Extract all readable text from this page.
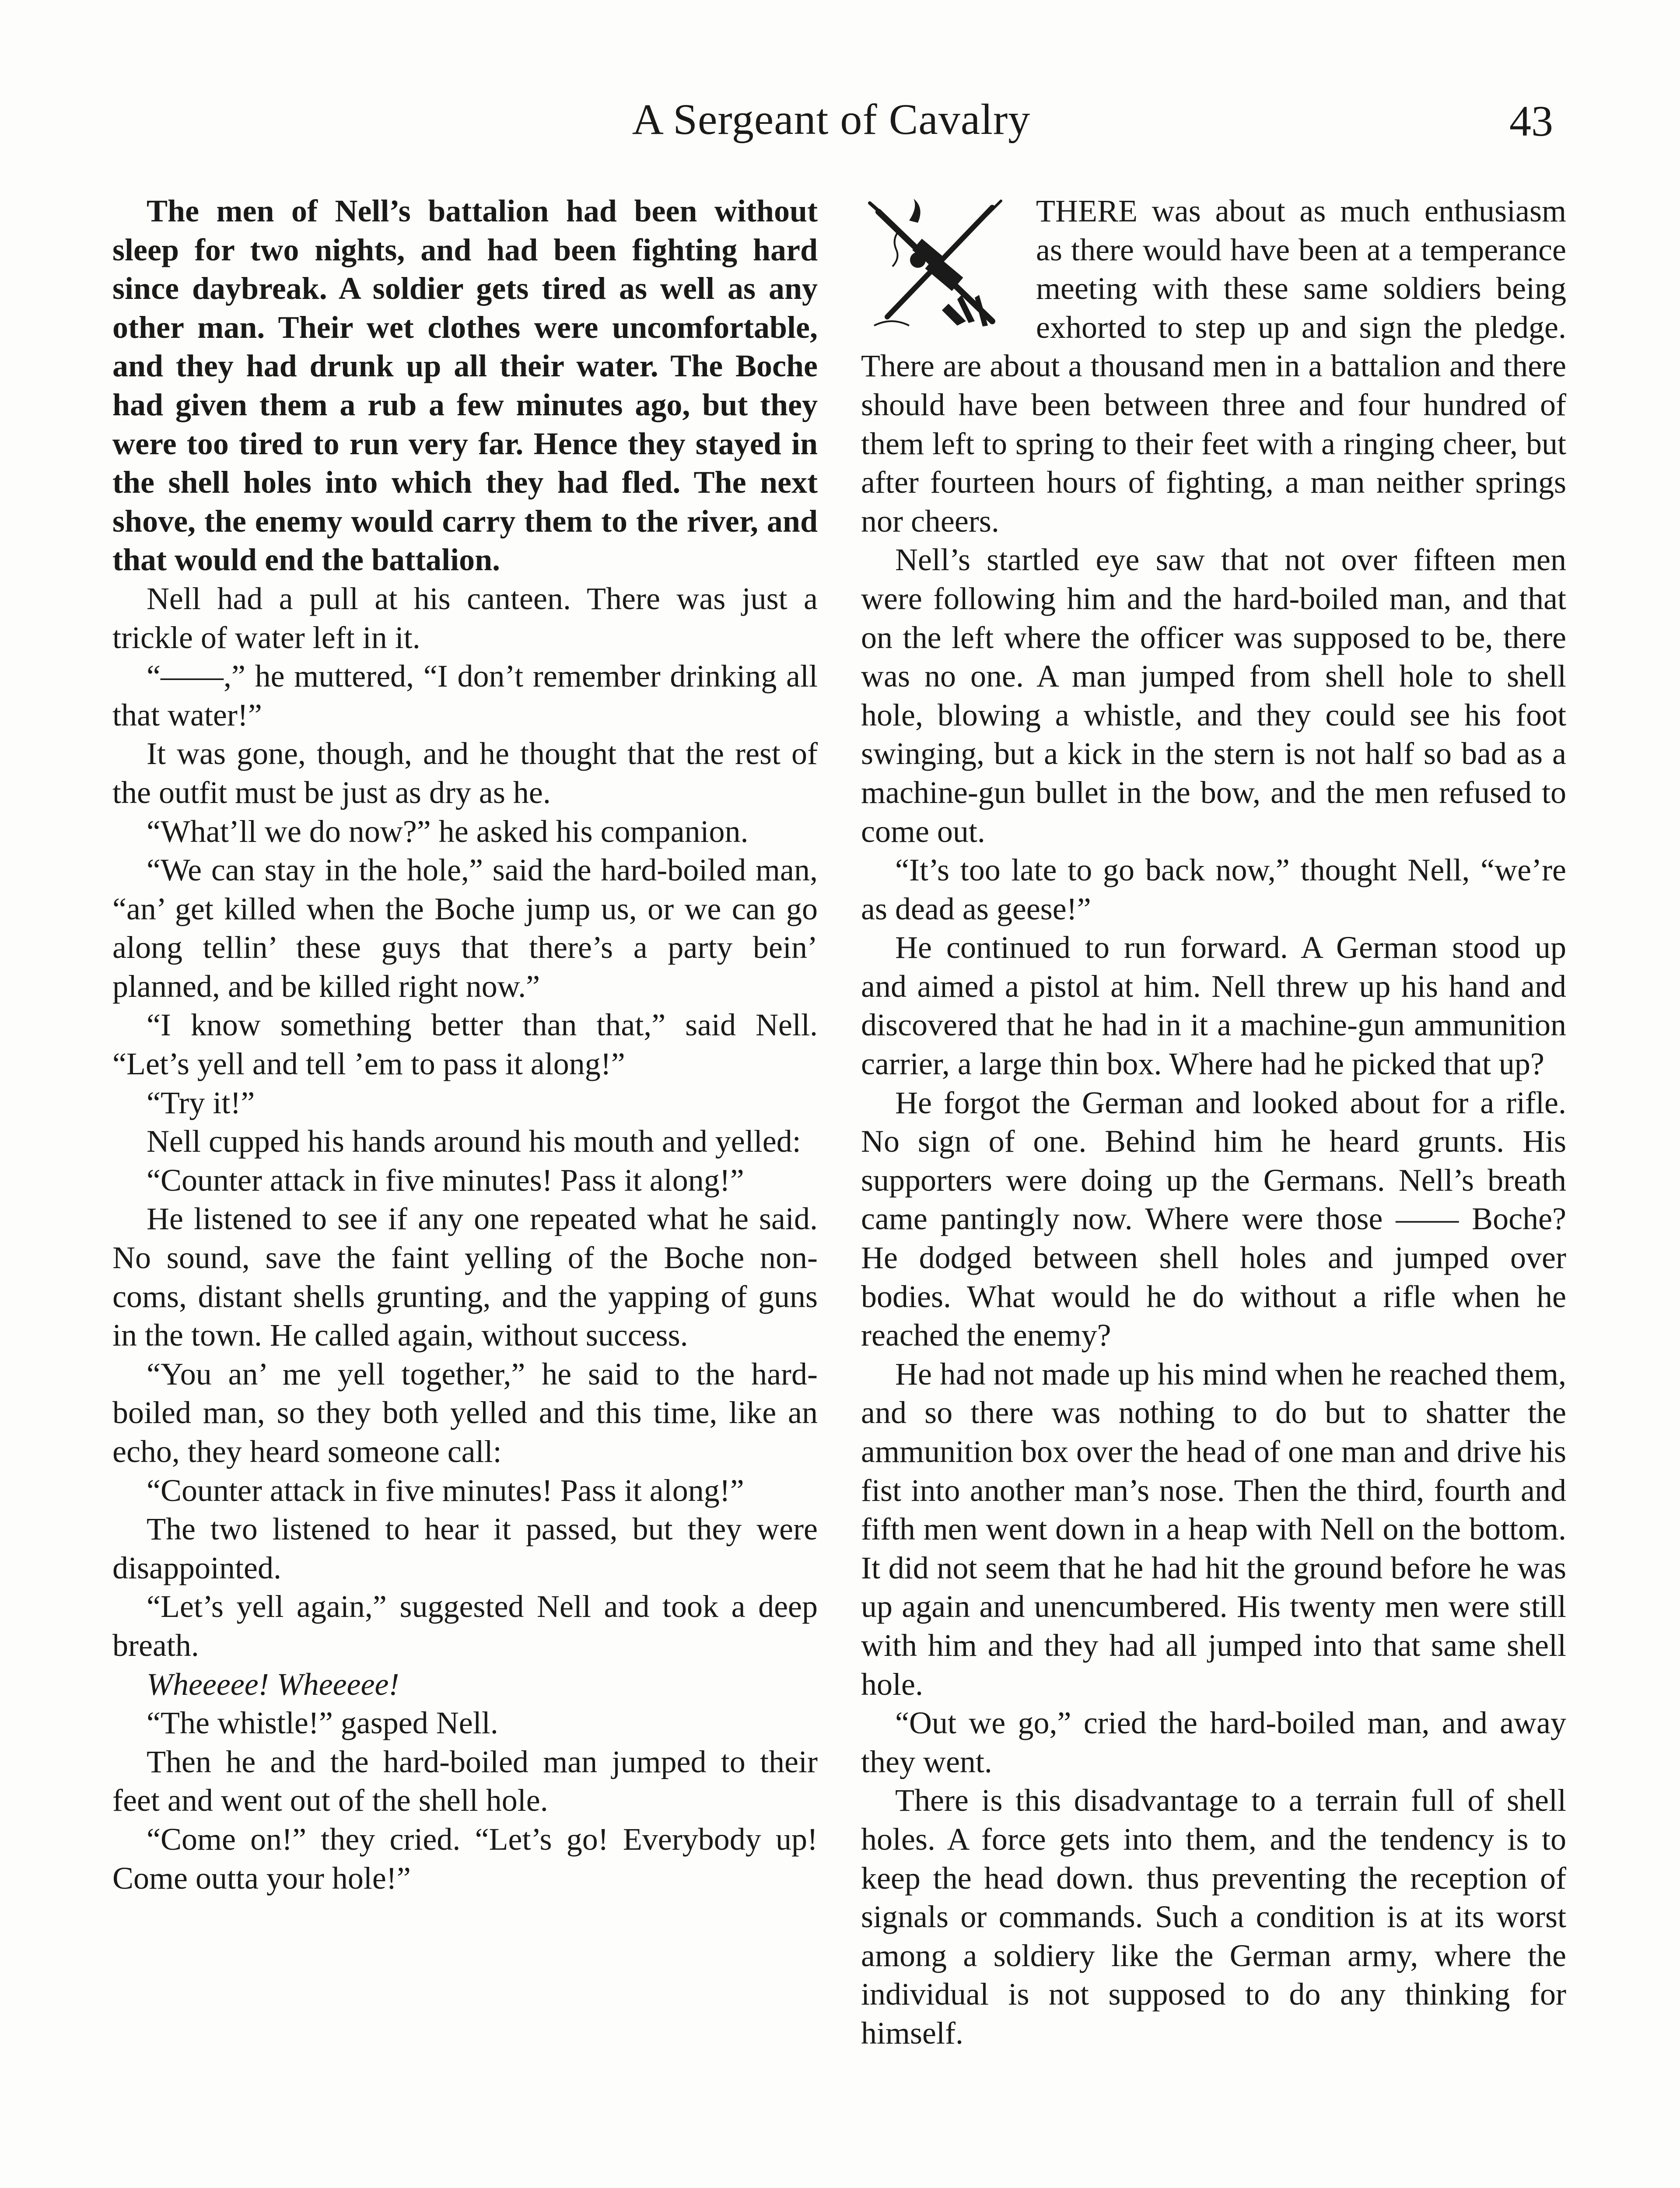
A Sergeant of Cavalry	43

The men of Nell’s battalion had been without sleep for two nights, and had been fighting hard since daybreak. A soldier gets tired as well as any other man. Their wet clothes were uncomfortable, and they had drunk up all their water. The Boche had given them a rub a few minutes ago, but they were too tired to run very far. Hence they stayed in the shell holes into which they had fled. The next shove, the enemy would carry them to the river, and that would end the battalion.

Nell had a pull at his canteen. There was just a trickle of water left in it.

“——,” he muttered, “I don’t remember drinking all that water!”

It was gone, though, and he thought that the rest of the outfit must be just as dry as he.

“What’ll we do now?” he asked his companion.

“We can stay in the hole,” said the hard-boiled man, “an’ get killed when the Boche jump us, or we can go along tellin’ these guys that there’s a party bein’ planned, and be killed right now.”

“I know something better than that,” said Nell. “Let’s yell and tell ’em to pass it along!”

“Try it!”

Nell cupped his hands around his mouth and yelled:

“Counter attack in five minutes! Pass it along!”

He listened to see if any one repeated what he said. No sound, save the faint yelling of the Boche non-coms, distant shells grunting, and the yapping of guns in the town. He called again, without success.

“You an’ me yell together,” he said to the hard-boiled man, so they both yelled and this time, like an echo, they heard someone call:

“Counter attack in five minutes! Pass it along!”

The two listened to hear it passed, but they were disappointed.

“Let’s yell again,” suggested Nell and took a deep breath.

Wheeeee! Wheeeee!

“The whistle!” gasped Nell.

Then he and the hard-boiled man jumped to their feet and went out of the shell hole.

“Come on!” they cried. “Let’s go! Everybody up! Come outta your hole!”

THERE was about as much enthusiasm as there would have been at a temperance meeting with these same soldiers being exhorted to step up and sign the pledge. There are about a thousand men in a battalion and there should have been between three and four hundred of them left to spring to their feet with a ringing cheer, but after fourteen hours of fighting, a man neither springs nor cheers.

Nell’s startled eye saw that not over fifteen men were following him and the hard-boiled man, and that on the left where the officer was supposed to be, there was no one. A man jumped from shell hole to shell hole, blowing a whistle, and they could see his foot swinging, but a kick in the stern is not half so bad as a machine-gun bullet in the bow, and the men refused to come out.

“It’s too late to go back now,” thought Nell, “we’re as dead as geese!”

He continued to run forward. A German stood up and aimed a pistol at him. Nell threw up his hand and discovered that he had in it a machine-gun ammunition carrier, a large thin box. Where had he picked that up?

He forgot the German and looked about for a rifle. No sign of one. Behind him he heard grunts. His supporters were doing up the Germans. Nell’s breath came pantingly now. Where were those —— Boche? He dodged between shell holes and jumped over bodies. What would he do without a rifle when he reached the enemy?

He had not made up his mind when he reached them, and so there was nothing to do but to shatter the ammunition box over the head of one man and drive his fist into another man’s nose. Then the third, fourth and fifth men went down in a heap with Nell on the bottom. It did not seem that he had hit the ground before he was up again and unencumbered. His twenty men were still with him and they had all jumped into that same shell hole.

“Out we go,” cried the hard-boiled man, and away they went.

There is this disadvantage to a terrain full of shell holes. A force gets into them, and the tendency is to keep the head down. thus preventing the reception of signals or commands. Such a condition is at its worst among a soldiery like the German army, where the individual is not supposed to do any thinking for himself.
